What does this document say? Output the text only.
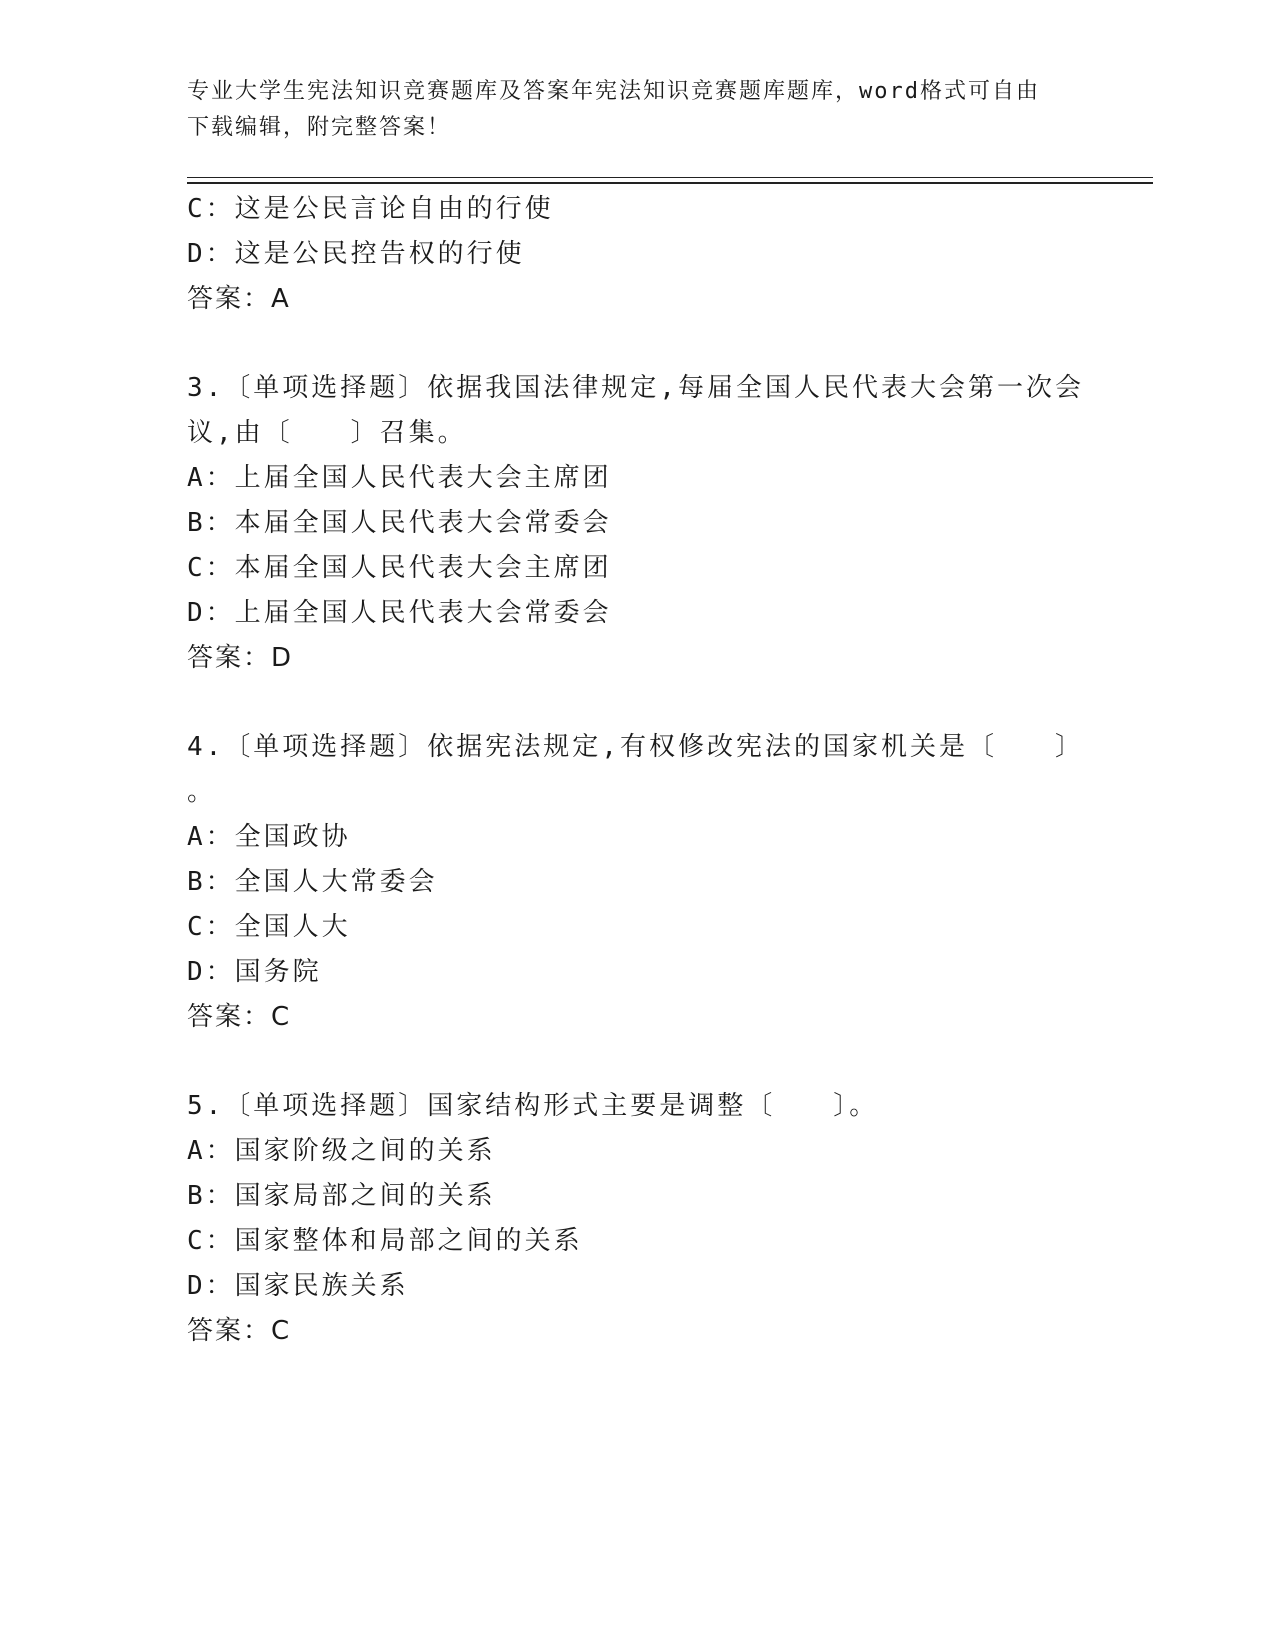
专业大学生宪法知识竞赛题库及答案年宪法知识竞赛题库题库，word格式可自由
下载编辑，附完整答案！
C：这是公民言论自由的行使
D：这是公民控告权的行使
答案：A
3.〔单项选择题〕依据我国法律规定,每届全国人民代表大会第一次会
议,由〔　　〕召集。
A：上届全国人民代表大会主席团
B：本届全国人民代表大会常委会
C：本届全国人民代表大会主席团
D：上届全国人民代表大会常委会
答案：D
4.〔单项选择题〕依据宪法规定,有权修改宪法的国家机关是〔　　〕
。
A：全国政协
B：全国人大常委会
C：全国人大
D：国务院
答案：C
5.〔单项选择题〕国家结构形式主要是调整〔　　〕。
A：国家阶级之间的关系
B：国家局部之间的关系
C：国家整体和局部之间的关系
D：国家民族关系
答案：C
